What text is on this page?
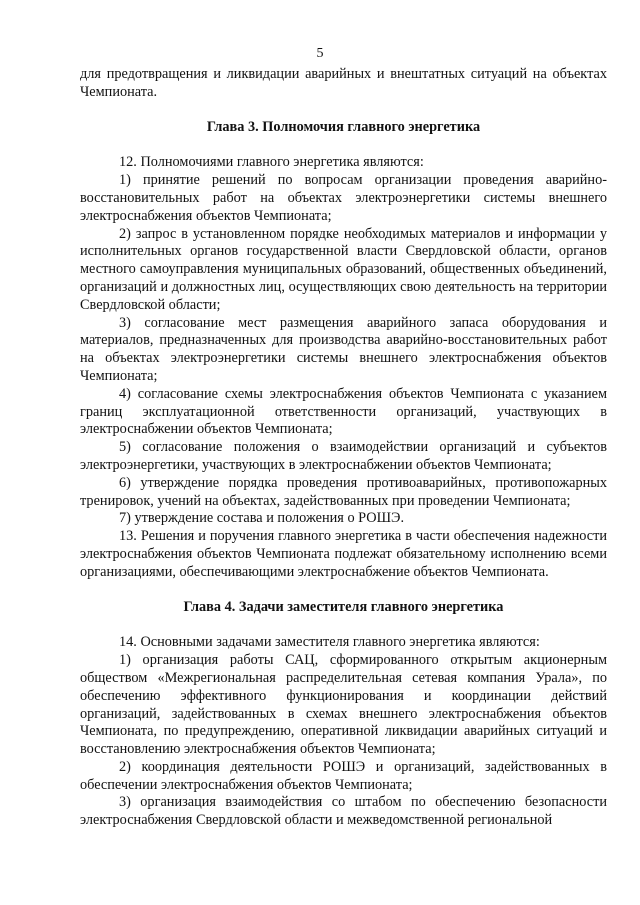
5

для предотвращения и ликвидации аварийных и внештатных ситуаций на объектах Чемпионата.

Глава 3. Полномочия главного энергетика

12. Полномочиями главного энергетика являются:

1) принятие решений по вопросам организации проведения аварийно-восстановительных работ на объектах электроэнергетики системы внешнего электроснабжения объектов Чемпионата;

2) запрос в установленном порядке необходимых материалов и информации у исполнительных органов государственной власти Свердловской области, органов местного самоуправления муниципальных образований, общественных объединений, организаций и должностных лиц, осуществляющих свою деятельность на территории Свердловской области;

3) согласование мест размещения аварийного запаса оборудования и материалов, предназначенных для производства аварийно-восстановительных работ на объектах электроэнергетики системы внешнего электроснабжения объектов Чемпионата;

4) согласование схемы электроснабжения объектов Чемпионата с указанием границ эксплуатационной ответственности организаций, участвующих в электроснабжении объектов Чемпионата;

5) согласование положения о взаимодействии организаций и субъектов электроэнергетики, участвующих в электроснабжении объектов Чемпионата;

6) утверждение порядка проведения противоаварийных, противопожарных тренировок, учений на объектах, задействованных при проведении Чемпионата;

7) утверждение состава и положения о РОШЭ.

13. Решения и поручения главного энергетика в части обеспечения надежности электроснабжения объектов Чемпионата подлежат обязательному исполнению всеми организациями, обеспечивающими электроснабжение объектов Чемпионата.

Глава 4. Задачи заместителя главного энергетика

14. Основными задачами заместителя главного энергетика являются:

1) организация работы САЦ, сформированного открытым акционерным обществом «Межрегиональная распределительная сетевая компания Урала», по обеспечению эффективного функционирования и координации действий организаций, задействованных в схемах внешнего электроснабжения объектов Чемпионата, по предупреждению, оперативной ликвидации аварийных ситуаций и восстановлению электроснабжения объектов Чемпионата;

2) координация деятельности РОШЭ и организаций, задействованных в обеспечении электроснабжения объектов Чемпионата;

3) организация взаимодействия со штабом по обеспечению безопасности электроснабжения Свердловской области и межведомственной региональной
